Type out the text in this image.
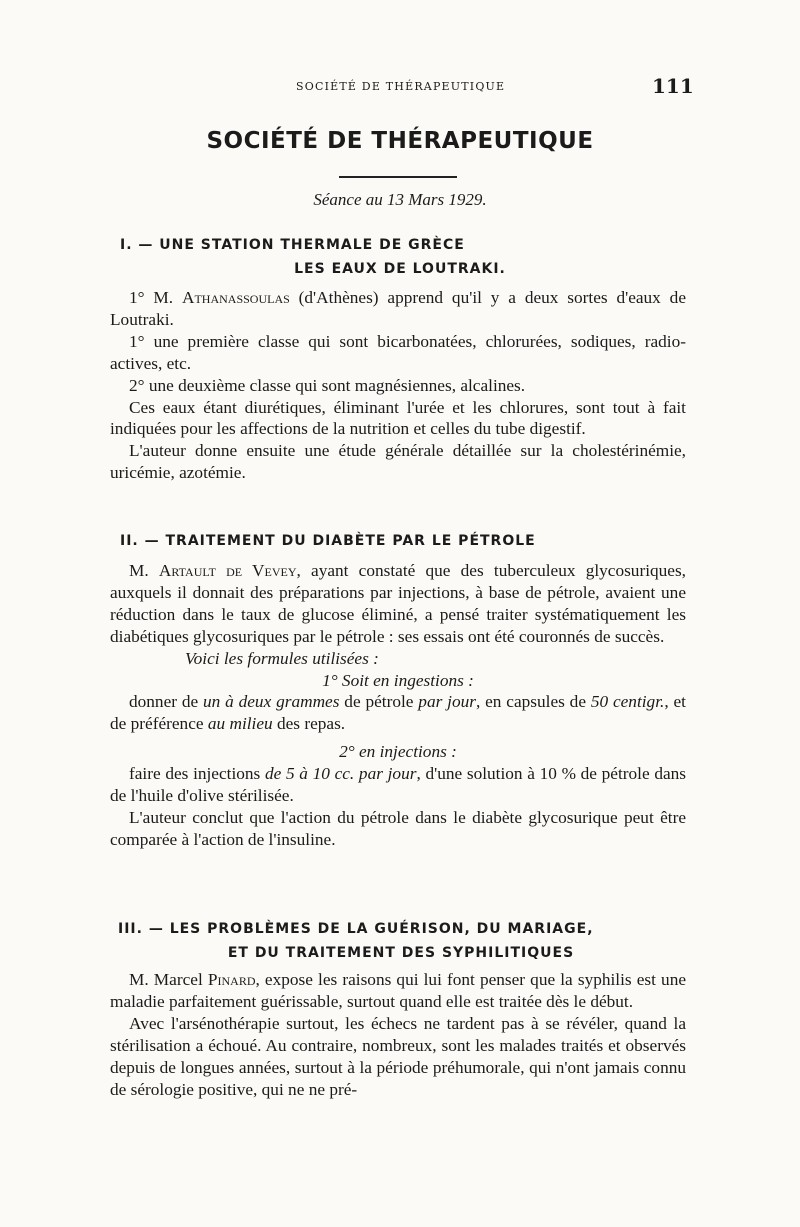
SOCIÉTÉ DE THÉRAPEUTIQUE	111
SOCIÉTÉ DE THÉRAPEUTIQUE
Séance au 13 Mars 1929.
I. — UNE STATION THERMALE DE GRÈCE
LES EAUX DE LOUTRAKI.

1° M. Athanassoulas (d'Athènes) apprend qu'il y a deux sortes d'eaux de Loutraki.

1° une première classe qui sont bicarbonatées, chlorurées, sodiques, radio-actives, etc.

2° une deuxième classe qui sont magnésiennes, alcalines.

Ces eaux étant diurétiques, éliminant l'urée et les chlorures, sont tout à fait indiquées pour les affections de la nutrition et celles du tube digestif.

L'auteur donne ensuite une étude générale détaillée sur la cholestérinémie, uricémie, azotémie.

II. — TRAITEMENT DU DIABÈTE PAR LE PÉTROLE

M. Artault de Vevey, ayant constaté que des tuberculeux glycosuriques, auxquels il donnait des préparations par injections, à base de pétrole, avaient une réduction dans le taux de glucose éliminé, a pensé traiter systématiquement les diabétiques glycosuriques par le pétrole : ses essais ont été couronnés de succès.

Voici les formules utilisées :

1° Soit en ingestions :

donner de un à deux grammes de pétrole par jour, en capsules de 50 centigr., et de préférence au milieu des repas.

2° en injections :

faire des injections de 5 à 10 cc. par jour, d'une solution à 10 % de pétrole dans de l'huile d'olive stérilisée.

L'auteur conclut que l'action du pétrole dans le diabète glycosurique peut être comparée à l'action de l'insuline.

III. — LES PROBLÈMES DE LA GUÉRISON, DU MARIAGE,
ET DU TRAITEMENT DES SYPHILITIQUES

M. Marcel Pinard, expose les raisons qui lui font penser que la syphilis est une maladie parfaitement guérissable, surtout quand elle est traitée dès le début.

Avec l'arsénothérapie surtout, les échecs ne tardent pas à se révéler, quand la stérilisation a échoué. Au contraire, nombreux, sont les malades traités et observés depuis de longues années, surtout à la période préhumorale, qui n'ont jamais connu de sérologie positive, qui ne ne pré-
